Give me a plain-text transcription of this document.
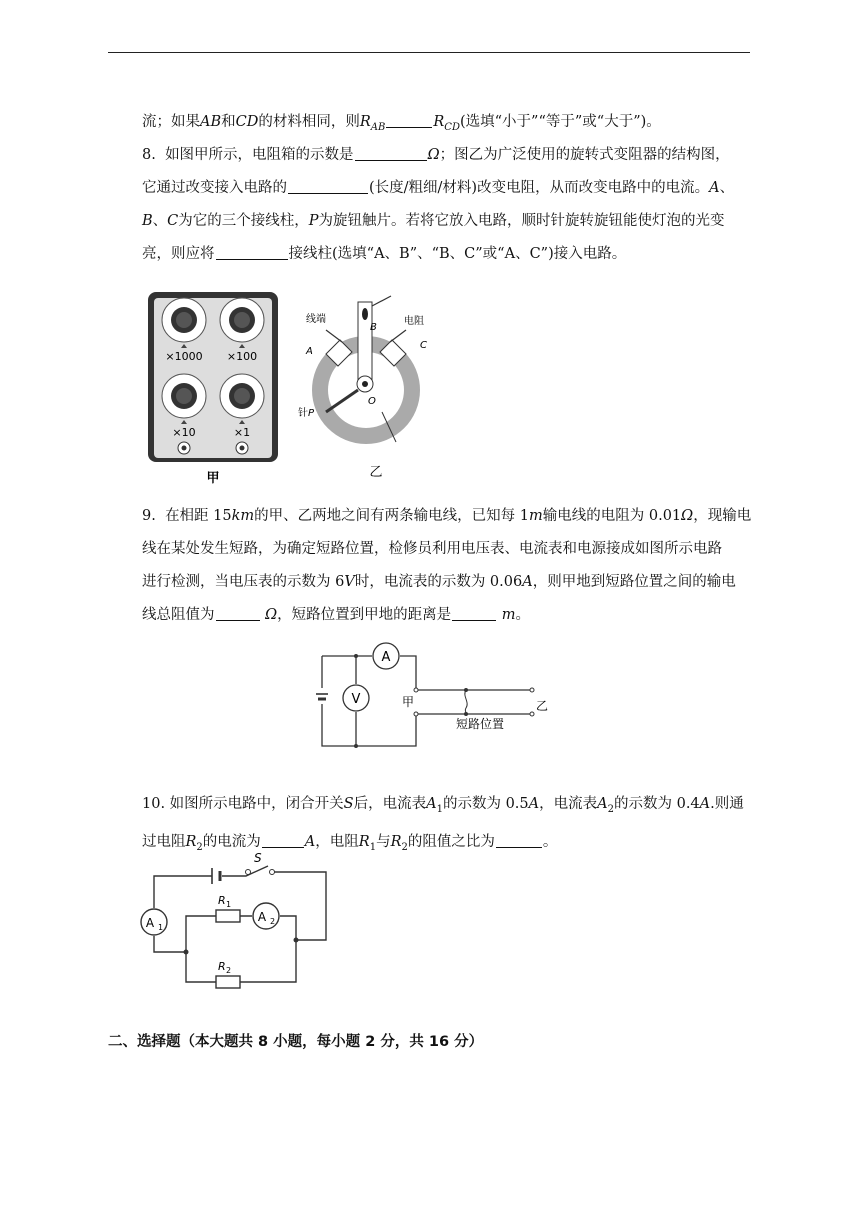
流；如果AB和CD的材料相同，则$R_{AB}$	$R_{CD}$(选填“小于”“等于”或“大于”)。
8. 如图甲所示，电阻箱的示数是	Ω；图乙为广泛使用的旋转式变阻器的结构图，
它通过改变接入电路的	(长度/粗细/材料)改变电阻，从而改变电路中的电流。A、
B、C为它的三个接线柱，P为旋钮触片。若将它放入电路，顺时针旋转旋钮能使灯泡的光变
亮，则应将	接线柱(选填“A、B”、“B、C”或“A、C”)接入电路。
×1000 ×100
×10	×1
甲
线端	电阻
A
B
C
O
针 P
乙
9. 在相距 15km的甲、乙两地之间有两条输电线，已知每 1m输电线的电阻为 0.01Ω，现输电
线在某处发生短路，为确定短路位置，检修员利用电压表、电流表和电源接成如图所示电路
进行检测，当电压表的示数为 6V时，电流表的示数为 0.06A，则甲地到短路位置之间的输电
线总阻值为	Ω，短路位置到甲地的距离是	m。
A
V	甲	乙
短路位置
10. 如图所示电路中，闭合开关S后，电流表$A_1$的示数为 0.5A，电流表$A_2$的示数为 0.4A.则通
过电阻$R_2$的电流为	A，电阻$R_1$与$R_2$的阻值之比为	。
S
A 1
R 1
A 2
R 2
二、选择题（本大题共 8 小题，每小题 2 分，共 16 分）
